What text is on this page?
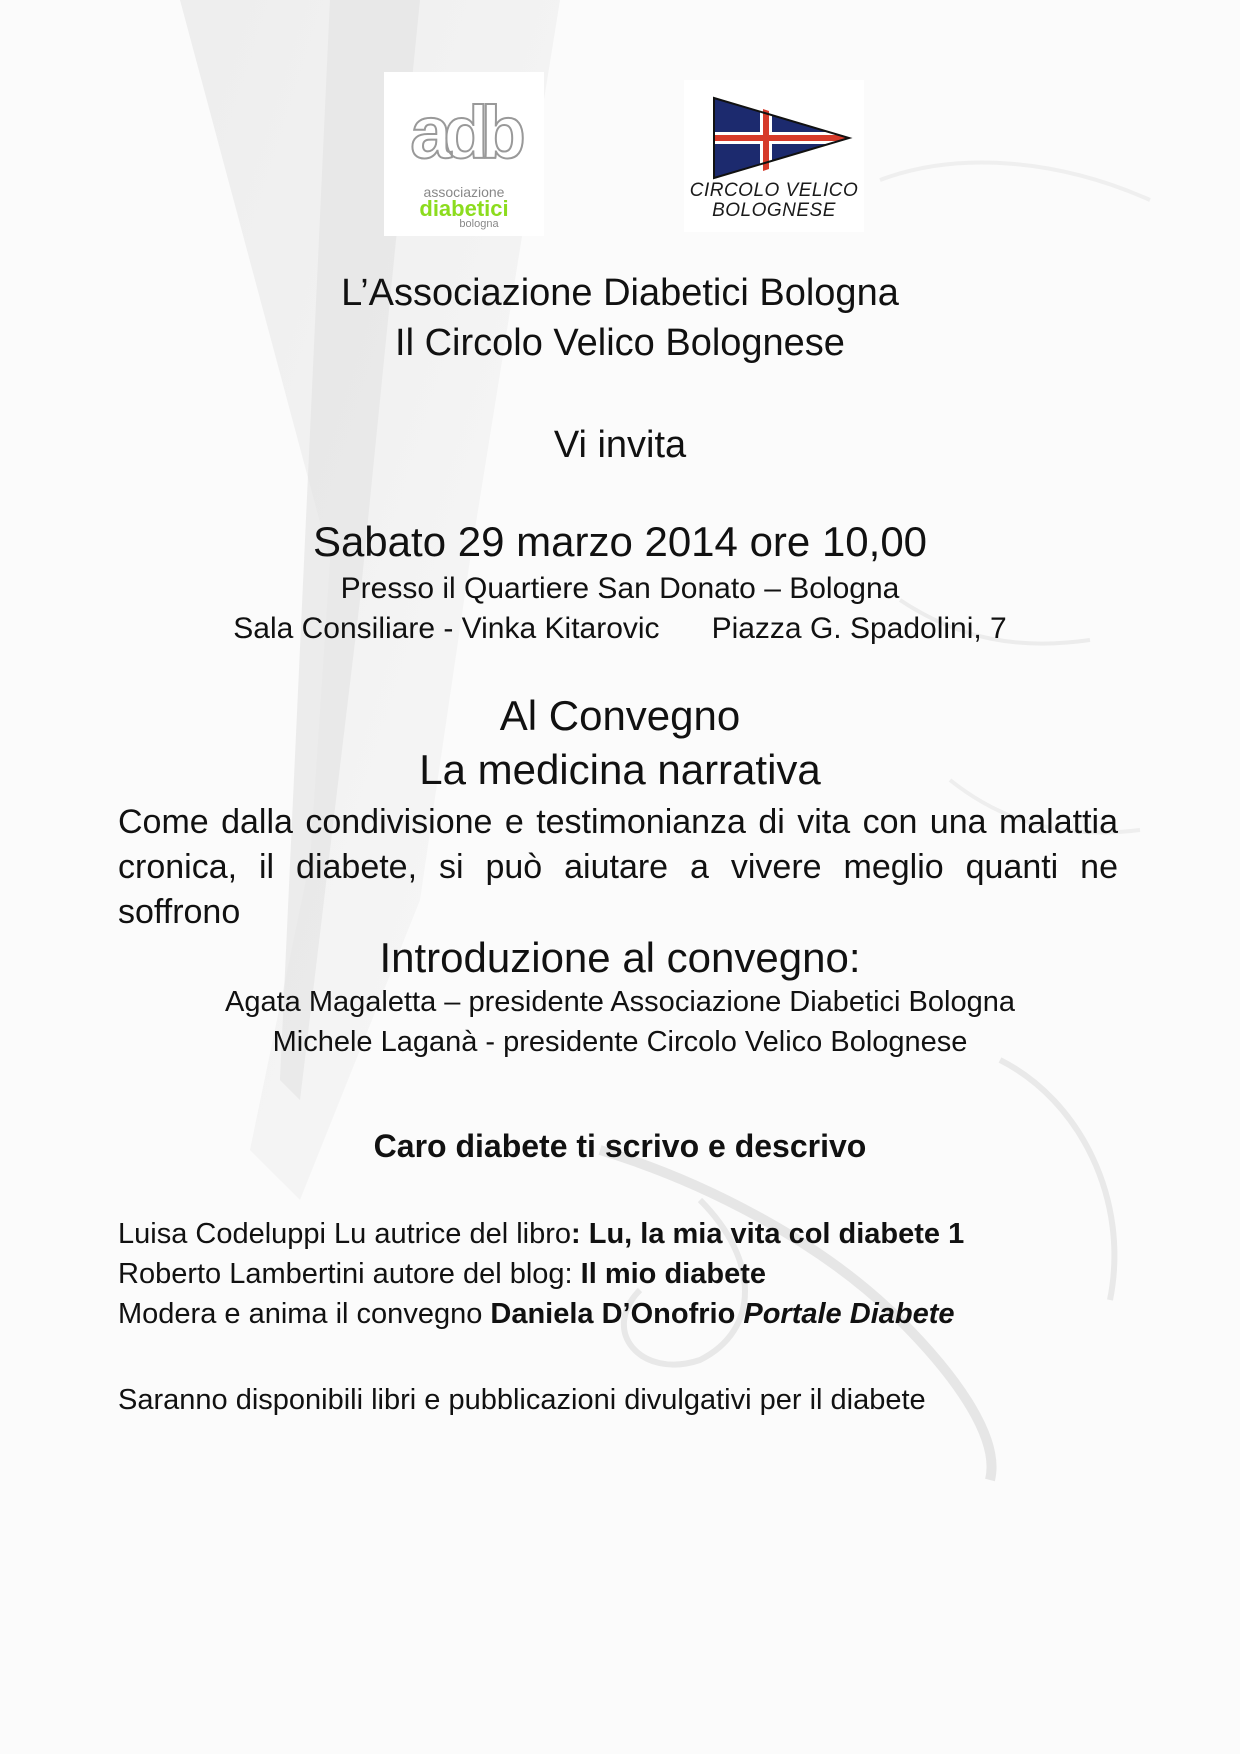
adb
associazione
diabetici
bologna
CIRCOLO VELICO
BOLOGNESE
L’Associazione Diabetici Bologna
Il Circolo Velico Bolognese
Vi invita
Sabato 29 marzo 2014 ore 10,00
Presso il Quartiere San Donato – Bologna
Sala Consiliare - Vinka Kitarovic Piazza G. Spadolini, 7
Al Convegno
La medicina narrativa
Come dalla condivisione e testimonianza di vita con una malattia cronica, il diabete, si può aiutare a vivere meglio quanti ne soffrono
Introduzione al convegno:
Agata Magaletta – presidente Associazione Diabetici Bologna
Michele Laganà - presidente Circolo Velico Bolognese
Caro diabete ti scrivo e descrivo
Luisa Codeluppi Lu autrice del libro: Lu, la mia vita col diabete 1
Roberto Lambertini autore del blog: Il mio diabete
Modera e anima il convegno Daniela D’Onofrio Portale Diabete
Saranno disponibili libri e pubblicazioni divulgativi per il diabete
